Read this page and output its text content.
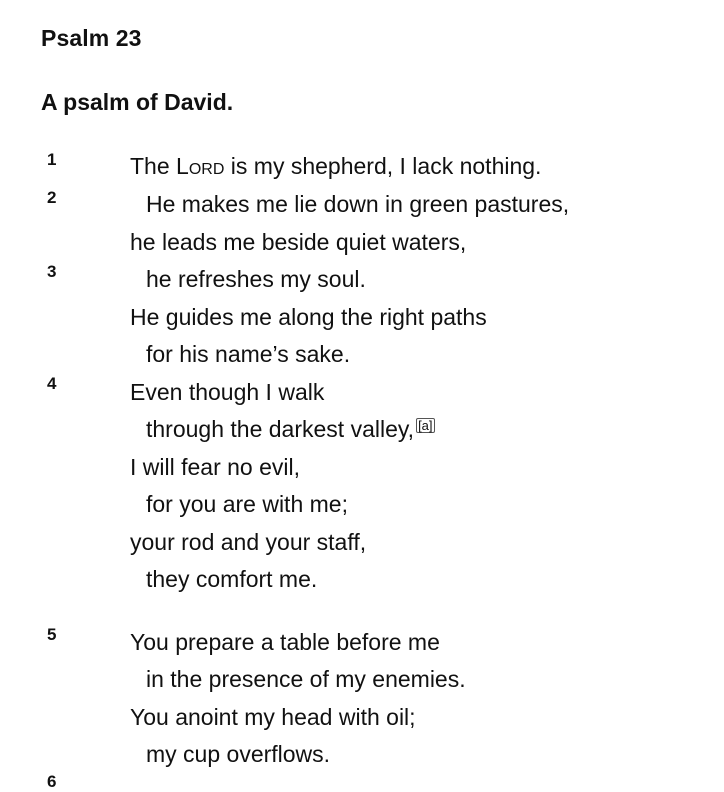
Psalm 23
A psalm of David.
1
2
3
4
5
6
The Lord is my shepherd, I lack nothing.
He makes me lie down in green pastures,
he leads me beside quiet waters,
he refreshes my soul.
He guides me along the right paths
for his name’s sake.
Even though I walk
through the darkest valley, [a]
I will fear no evil,
for you are with me;
your rod and your staff,
they comfort me.
You prepare a table before me
in the presence of my enemies.
You anoint my head with oil;
my cup overflows.
